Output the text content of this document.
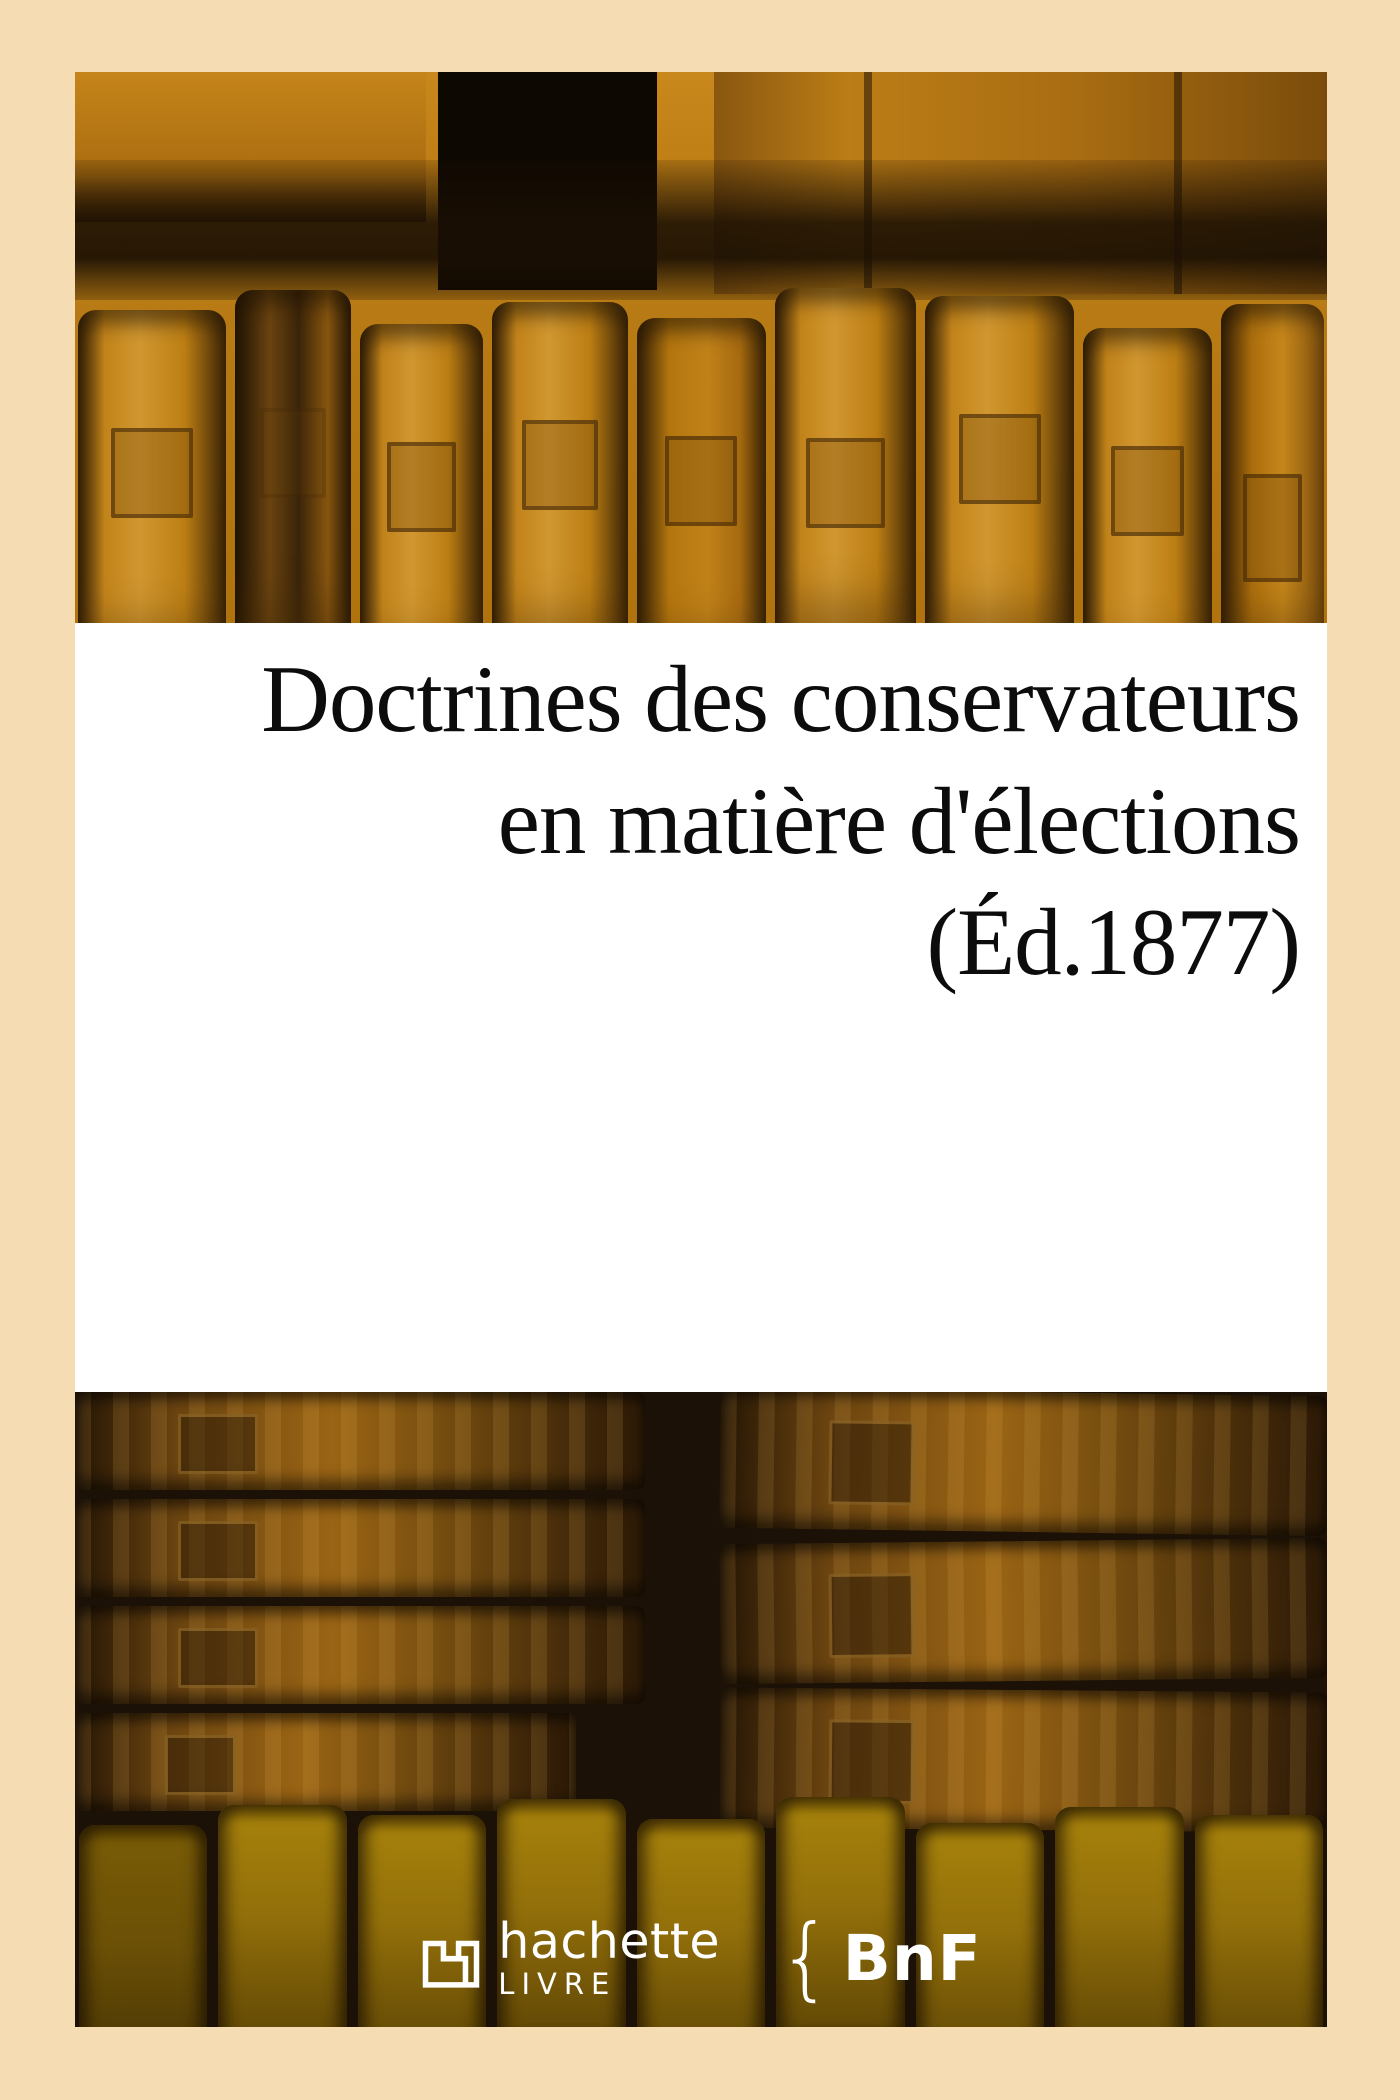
Doctrines des conservateurs
en matière d'élections
(Éd.1877)
hachette
LIVRE { BnF
